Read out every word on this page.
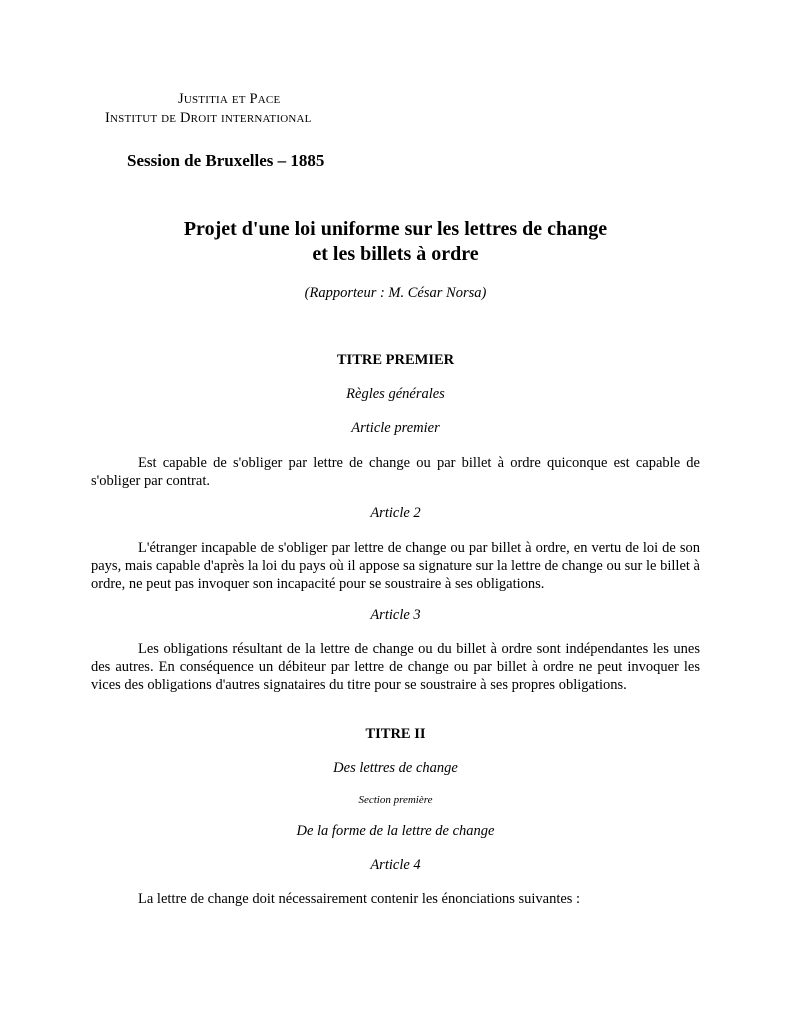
JUSTITIA ET PACE
INSTITUT DE DROIT INTERNATIONAL

Session de Bruxelles – 1885

Projet d'une loi uniforme sur les lettres de change

et les billets à ordre

(Rapporteur : M. César Norsa)

TITRE PREMIER

Règles générales

Article premier

Est capable de s'obliger par lettre de change ou par billet à ordre quiconque est capable de s'obliger par contrat.

Article 2

L'étranger incapable de s'obliger par lettre de change ou par billet à ordre, en vertu de loi de son pays, mais capable d'après la loi du pays où il appose sa signature sur la lettre de change ou sur le billet à ordre, ne peut pas invoquer son incapacité pour se soustraire à ses obligations.

Article 3

Les obligations résultant de la lettre de change ou du billet à ordre sont indépendantes les unes des autres. En conséquence un débiteur par lettre de change ou par billet à ordre ne peut invoquer les vices des obligations d'autres signataires du titre pour se soustraire à ses propres obligations.

TITRE II

Des lettres de change

Section première

De la forme de la lettre de change

Article 4

La lettre de change doit nécessairement contenir les énonciations suivantes :
